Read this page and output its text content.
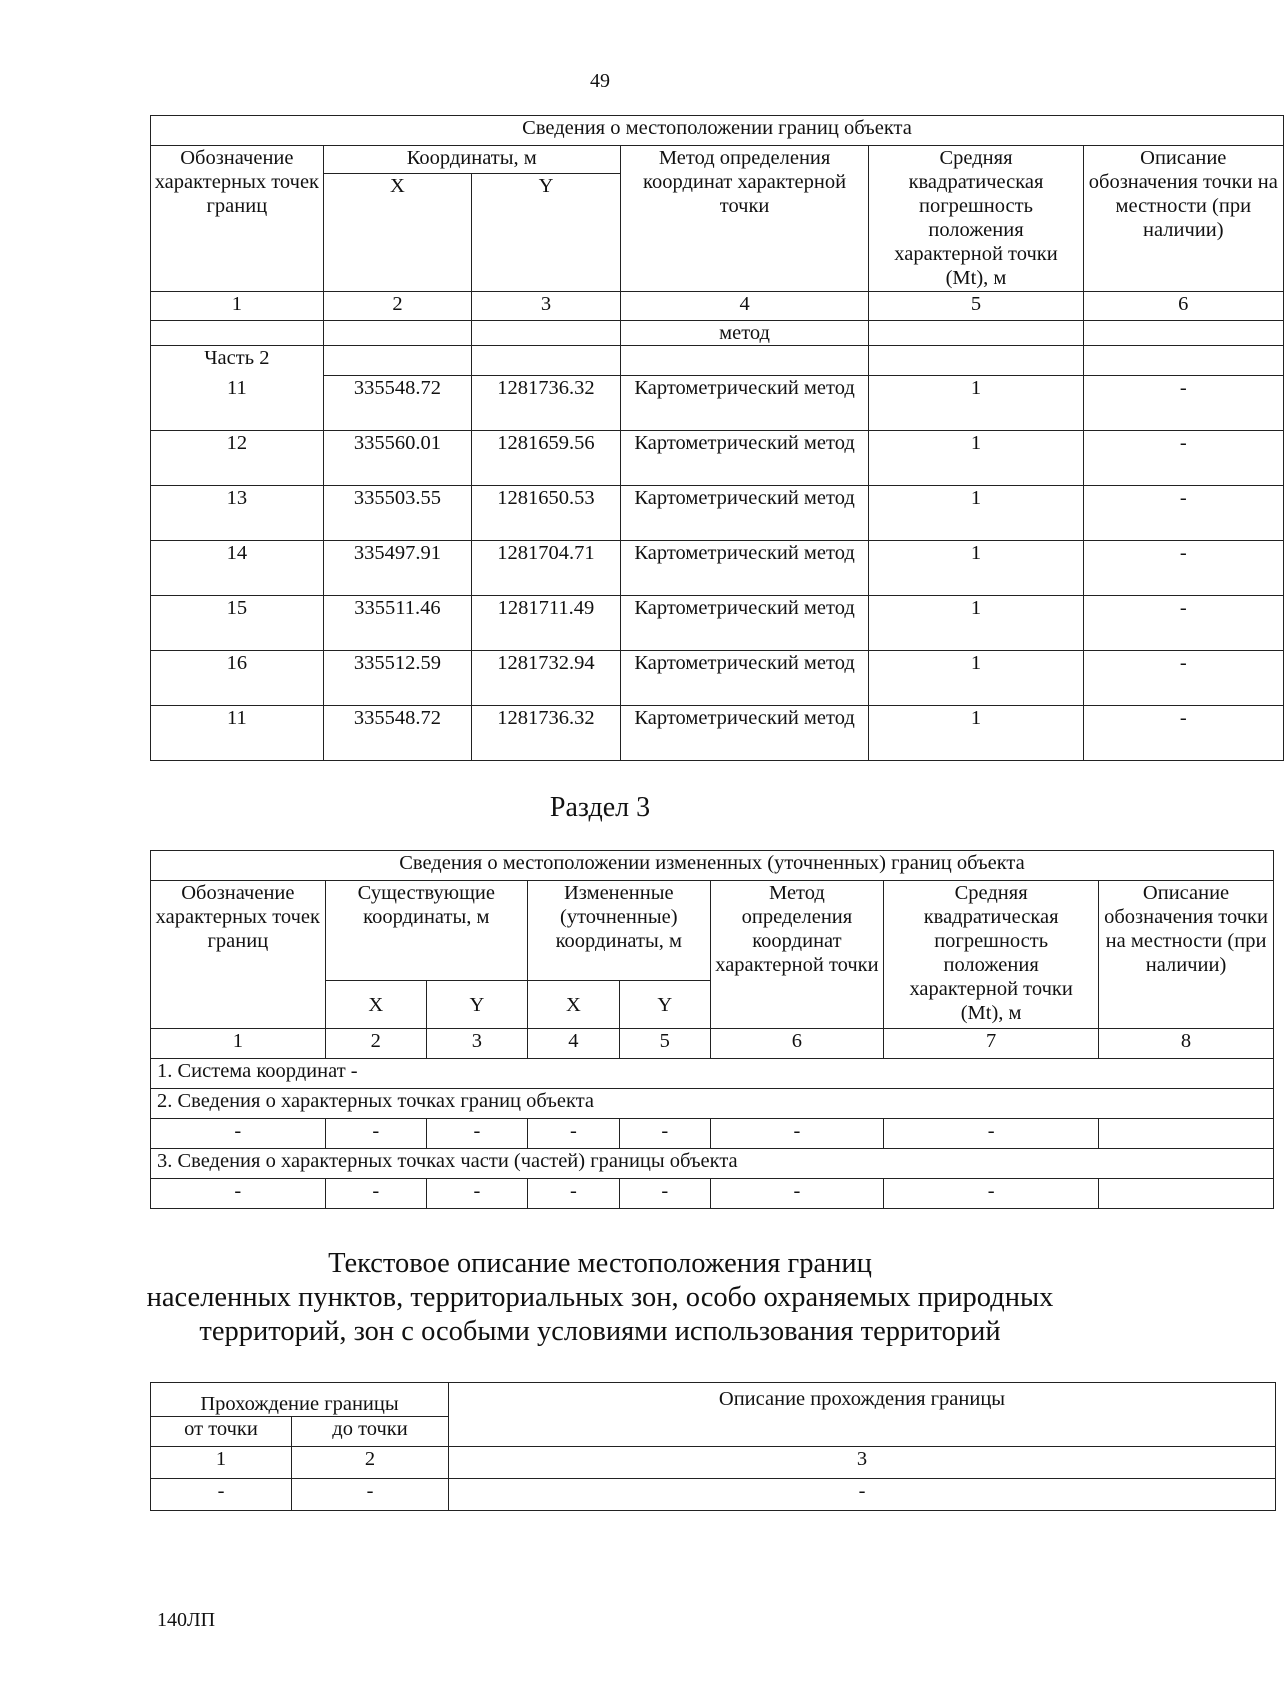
49
Сведения о местоположении границ объекта					
Обозначение характерных точек границ	Координаты, м		Метод определения координат характерной точки	Средняя квадратическая погрешность положения характерной точки (Mt), м	Описание обозначения точки на местности (при наличии)
	X	Y			
1	2	3	4	5	6
			метод		
Часть 2					
11	335548.72	1281736.32	Картометрический метод	1	-
12	335560.01	1281659.56	Картометрический метод	1	-
13	335503.55	1281650.53	Картометрический метод	1	-
14	335497.91	1281704.71	Картометрический метод	1	-
15	335511.46	1281711.49	Картометрический метод	1	-
16	335512.59	1281732.94	Картометрический метод	1	-
11	335548.72	1281736.32	Картометрический метод	1	-
Раздел 3
Сведения о местоположении измененных (уточненных) границ объекта							
Обозначение характерных точек границ	Существующие координаты, м		Измененные (уточненные) координаты, м		Метод определения координат характерной точки	Средняя квадратическая погрешность положения характерной точки (Mt), м	Описание обозначения точки на местности (при наличии)
	X	Y	X	Y			
1	2	3	4	5	6	7	8
1. Система координат -							
2. Сведения о характерных точках границ объекта							
-	-	-	-	-	-	-	
3. Сведения о характерных точках части (частей) границы объекта							
-	-	-	-	-	-	-	
Текстовое описание местоположения границ
населенных пунктов, территориальных зон, особо охраняемых природных
территорий, зон с особыми условиями использования территорий
Прохождение границы		Описание прохождения границы
от точки	до точки	
1	2	3
-	-	-
140ЛП
